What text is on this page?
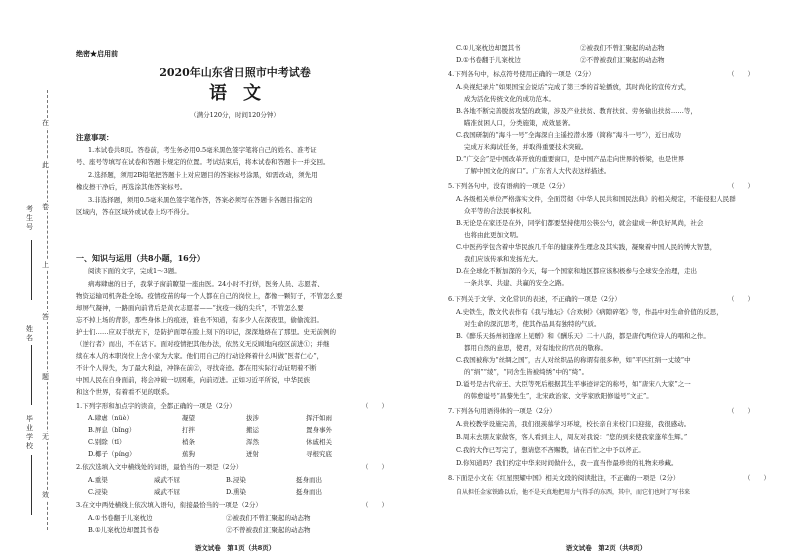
在
此
卷
上
答
题
无
效
考生号
姓名
毕业学校
绝密★启用前
2020年山东省日照市中考试卷
语文
（满分120分，时间120分钟）
注意事项：
1.本试卷共8页。答卷前，考生务必用0.5毫米黑色签字笔将自己的姓名、准考证
号、座号等填写在试卷和答题卡规定的位置。考试结束后，将本试卷和答题卡一并交回。
2.选择题，须用2B铅笔把答题卡上对应题目的答案标号涂黑，如需改动，须先用
橡皮擦干净后，再选涂其他答案标号。
3.非选择题，须用0.5毫米黑色签字笔作答，答案必须写在答题卡各题目指定的
区域内，答在区域外或试卷上均不得分。
一、知识与运用（共8小题，16分）
阅读下面的文字，完成1～3题。
病毒肆虐的日子，我掌子窗前瞭望一座由医。24小时不打烊，医务人员、志愿者、
物资运输司机奔赴全场。疫情疫苗的每一个人都在自己的岗位上，都像一颗钉子，不管怎么要
却屏气凝神，一路面向前背后是黄衣志愿者——“抗疫一线的尖兵”，不管怎么要
忘不掉上场的背影，那些身体上的痕迹，谁也不知道，有多少人在深夜里，偷偷流泪。
护士们……应双手肤充下，是防护面罩在脸上刻下的印记，深深地烙在了那里。史无前例的
（逆行者）而出，不在话下。面对疫情把其他办法，依然义无反顾地向疫区前进①；并继
续在本人的本职岗位上舍小家为大家。他们用自己的行动诠释着什么叫做“医者仁心”，
不计个人得失，为了最大利益，冲锋在前②，寻找奇迹。都在用实际行动证明着不断
中国人民在自身面前，将会冲破一切困难，向前迈进。正如习近平所说，中华民族
和这个世界，有着看不见的联系。
1.下列字形和加点字的读音，全都正确的一项是（2分）	（　　）
A.肆虐（nüè）	凝望	拔涉	挥汗如雨
B.屏息（bǐng）	打拌	搬运	置身事外
C.别除（tī）	梢条	浑然	休戚相关
D.椰子（píng）	蕉狗	迸射	寻根究底
2.依次选填入文中横线处的词语，最恰当的一项是（2分）	（　　）
A.重渠	威武不屈	B.浸染	挺身而出
C.浸染	威武不屈	D.熏染	挺身而出
3.在文中两处横线上依次填入语句，衔接最恰当的一项是（2分）	（　　）
A.①书卷翻于儿案枕边	②被我们不曾汇聚起的动态物
B.①儿案枕边却置其书卷	②不曾被我们汇聚起的动态物
语文试卷　第1页（共8页）
C.①儿案枕边却置其书	②被我们不曾汇聚起的动态物
D.①书卷翻于儿案枕边	②不曾被我们汇聚起的动态物
4.下列各句中，标点符号使用正确的一项是（2分）	（　　）
A.央视纪录片“如果国宝会说话”完成了第三季的首轮播放，其时尚化的宣传方式，
成为活化传统文化的成功范本。
B.各地不断完善脱贫攻坚的政策，涉及产业扶贫、教育扶贫、劳务输出扶贫……等，
瞄准贫困人口，分类施策，成效显著。
C.我国研制的“海斗一号”全海深自主遥控潜水器（简称“海斗一号”），近日成功
完成万米海试任务，并取得重要技术突破。
D.“广交会”是中国改革开放的重要窗口，是中国产品走向世界的桥梁，也是世界
了解中国文化的窗口”。广东省人大代表这样描述。
5.下列各句中，没有语病的一项是（2分）	（　　）
A.各级相关单位严格落实文件，全面贯彻《中华人民共和国民法典》的相关规定，不能侵犯人民群
众平等的合法民事权利。
B.无论是在家还是在外，同学们都要坚持使用公筷公勺，就会建成一种良好风尚，社会
也将由此更加文明。
C.中医药学包含着中华民族几千年的健康养生理念及其实践，凝聚着中国人民的博大智慧，
我们应该传承和发扬光大。
D.在全球化不断加深的今天，每一个国家和地区都应该积极参与全球安全治理，走出
一条共享、共建、共赢的安全之路。
6.下列关于文学、文化常识的表述，不正确的一项是（2分）	（　　）
A.史铁生，散文代表作有《我与地坛》《合欢树》《病隙碎笔》等，作品中对生命价值的反思，
对生命的深沉思考，使其作品具有独特的气质。
B.《醉乐天扬州初逢席上见赠》和《酬乐天》二十八韵，都是唐代两位诗人的唱和之作。
都用自然的意思，使君，对有地位的官员的敬称。
C.我国被称为“丝绸之国”，古人对丝织品的称谓有很多种，如“平匹红绢一丈绫”中
的“绢”“绫”，“同舍生皆被绮绣”中的“绮”。
D.谥号是古代帝王、大臣等死后根据其生平事迹评定的称号，如“唐宋八大家”之一
的韩愈谥号“昌黎先生”，北宋政治家、文学家欧阳修谥号“文正”。
7.下列各句用语得体的一项是（2分）	（　　）
A.贵校教学设施完善，我们很羡慕学习环境，校长亲自来校门口迎接，我很感动。
B.周末去朋友家做客，客人看到主人，周友对我说：“您的到来使我家蓬荜生辉。”
C.我的大作已写完了，想请您不吝赐教，请在百忙之中予以斧正。
D.你知道吗？我们约定中华来时间做什么，我一直当作最珍贵的礼物来珍藏。
8.下面是小文在《红星照耀中国》相关文段的阅读批注，不正确的一项是（2分）	（　　）
自从担任金家铁路以后，他不是天真地把用力气得手的东西，其中，而它们也时了写书来
语文试卷　第2页（共8页）
